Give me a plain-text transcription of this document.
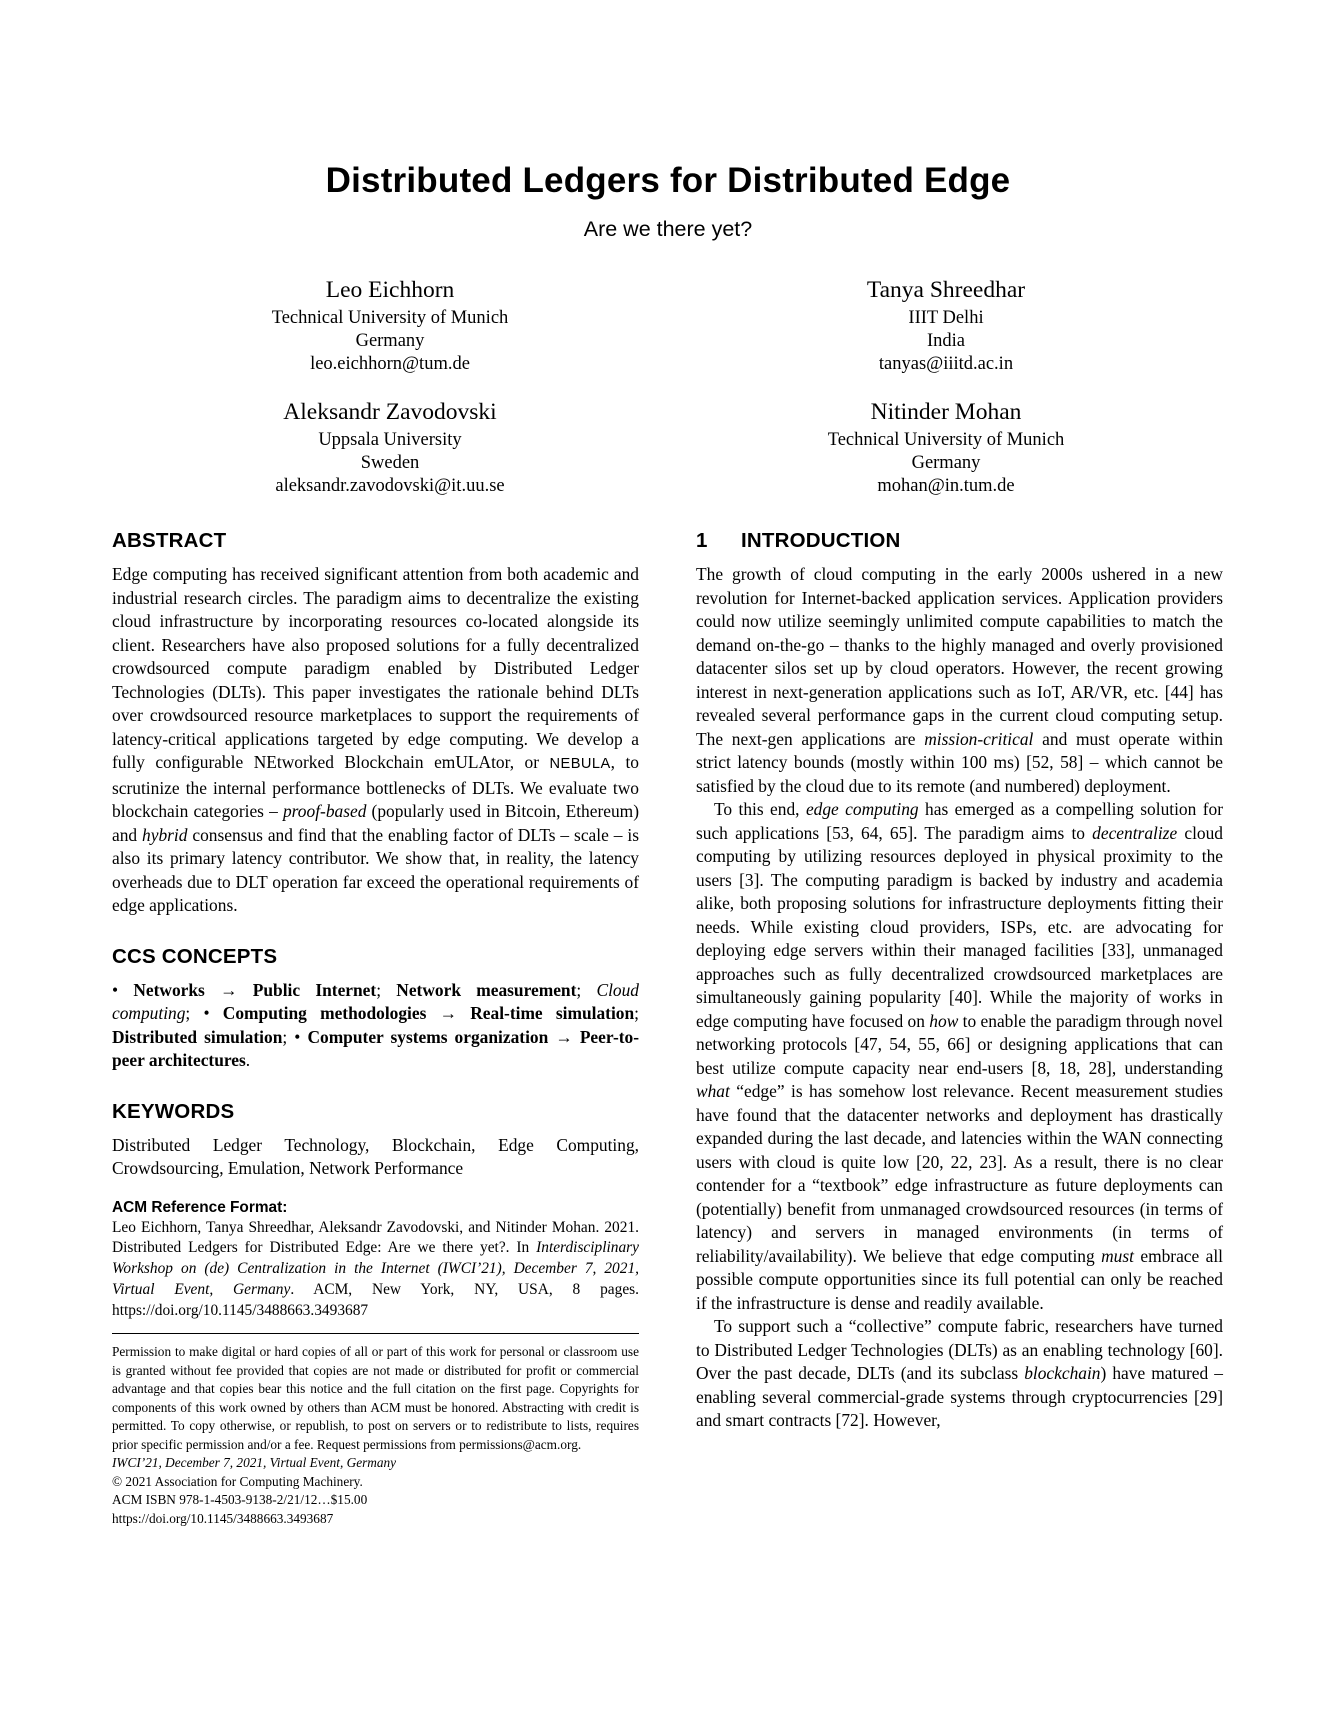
Distributed Ledgers for Distributed Edge
Are we there yet?
Leo Eichhorn
Technical University of Munich
Germany
leo.eichhorn@tum.de
Tanya Shreedhar
IIIT Delhi
India
tanyas@iiitd.ac.in
Aleksandr Zavodovski
Uppsala University
Sweden
aleksandr.zavodovski@it.uu.se
Nitinder Mohan
Technical University of Munich
Germany
mohan@in.tum.de
ABSTRACT

Edge computing has received significant attention from both academic and industrial research circles. The paradigm aims to decentralize the existing cloud infrastructure by incorporating resources co-located alongside its client. Researchers have also proposed solutions for a fully decentralized crowdsourced compute paradigm enabled by Distributed Ledger Technologies (DLTs). This paper investigates the rationale behind DLTs over crowdsourced resource marketplaces to support the requirements of latency-critical applications targeted by edge computing. We develop a fully configurable NEtworked Blockchain emULAtor, or NEBULA, to scrutinize the internal performance bottlenecks of DLTs. We evaluate two blockchain categories – proof-based (popularly used in Bitcoin, Ethereum) and hybrid consensus and find that the enabling factor of DLTs – scale – is also its primary latency contributor. We show that, in reality, the latency overheads due to DLT operation far exceed the operational requirements of edge applications.

CCS CONCEPTS

• Networks → Public Internet; Network measurement; Cloud computing; • Computing methodologies → Real-time simulation; Distributed simulation; • Computer systems organization → Peer-to-peer architectures.

KEYWORDS

Distributed Ledger Technology, Blockchain, Edge Computing, Crowdsourcing, Emulation, Network Performance

ACM Reference Format:
Leo Eichhorn, Tanya Shreedhar, Aleksandr Zavodovski, and Nitinder Mohan. 2021. Distributed Ledgers for Distributed Edge: Are we there yet?. In Interdisciplinary Workshop on (de) Centralization in the Internet (IWCI’21), December 7, 2021, Virtual Event, Germany. ACM, New York, NY, USA, 8 pages. https://doi.org/10.1145/3488663.3493687

Permission to make digital or hard copies of all or part of this work for personal or classroom use is granted without fee provided that copies are not made or distributed for profit or commercial advantage and that copies bear this notice and the full citation on the first page. Copyrights for components of this work owned by others than ACM must be honored. Abstracting with credit is permitted. To copy otherwise, or republish, to post on servers or to redistribute to lists, requires prior specific permission and/or a fee. Request permissions from permissions@acm.org.

IWCI’21, December 7, 2021, Virtual Event, Germany
© 2021 Association for Computing Machinery.
ACM ISBN 978-1-4503-9138-2/21/12…$15.00
https://doi.org/10.1145/3488663.3493687
1 INTRODUCTION

The growth of cloud computing in the early 2000s ushered in a new revolution for Internet-backed application services. Application providers could now utilize seemingly unlimited compute capabilities to match the demand on-the-go – thanks to the highly managed and overly provisioned datacenter silos set up by cloud operators. However, the recent growing interest in next-generation applications such as IoT, AR/VR, etc. [44] has revealed several performance gaps in the current cloud computing setup. The next-gen applications are mission-critical and must operate within strict latency bounds (mostly within 100 ms) [52, 58] – which cannot be satisfied by the cloud due to its remote (and numbered) deployment.

To this end, edge computing has emerged as a compelling solution for such applications [53, 64, 65]. The paradigm aims to decentralize cloud computing by utilizing resources deployed in physical proximity to the users [3]. The computing paradigm is backed by industry and academia alike, both proposing solutions for infrastructure deployments fitting their needs. While existing cloud providers, ISPs, etc. are advocating for deploying edge servers within their managed facilities [33], unmanaged approaches such as fully decentralized crowdsourced marketplaces are simultaneously gaining popularity [40]. While the majority of works in edge computing have focused on how to enable the paradigm through novel networking protocols [47, 54, 55, 66] or designing applications that can best utilize compute capacity near end-users [8, 18, 28], understanding what “edge” is has somehow lost relevance. Recent measurement studies have found that the datacenter networks and deployment has drastically expanded during the last decade, and latencies within the WAN connecting users with cloud is quite low [20, 22, 23]. As a result, there is no clear contender for a “textbook” edge infrastructure as future deployments can (potentially) benefit from unmanaged crowdsourced resources (in terms of latency) and servers in managed environments (in terms of reliability/availability). We believe that edge computing must embrace all possible compute opportunities since its full potential can only be reached if the infrastructure is dense and readily available.

To support such a “collective” compute fabric, researchers have turned to Distributed Ledger Technologies (DLTs) as an enabling technology [60]. Over the past decade, DLTs (and its subclass blockchain) have matured – enabling several commercial-grade systems through cryptocurrencies [29] and smart contracts [72]. However,
